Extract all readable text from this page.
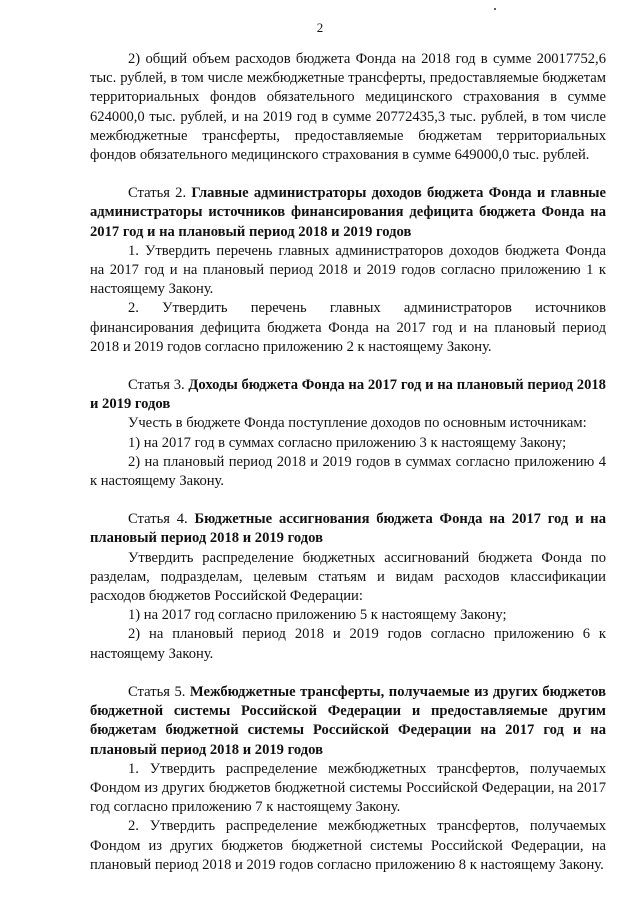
2

2) общий объем расходов бюджета Фонда на 2018 год в сумме 20017752,6 тыс. рублей, в том числе межбюджетные трансферты, предоставляемые бюджетам территориальных фондов обязательного медицинского страхования в сумме 624000,0 тыс. рублей, и на 2019 год в сумме 20772435,3 тыс. рублей, в том числе межбюджетные трансферты, предоставляемые бюджетам территориальных фондов обязательного медицинского страхования в сумме 649000,0 тыс. рублей.

Статья 2. Главные администраторы доходов бюджета Фонда и главные администраторы источников финансирования дефицита бюджета Фонда на 2017 год и на плановый период 2018 и 2019 годов

1. Утвердить перечень главных администраторов доходов бюджета Фонда на 2017 год и на плановый период 2018 и 2019 годов согласно приложению 1 к настоящему Закону.

2. Утвердить перечень главных администраторов источников финансирования дефицита бюджета Фонда на 2017 год и на плановый период 2018 и 2019 годов согласно приложению 2 к настоящему Закону.

Статья 3. Доходы бюджета Фонда на 2017 год и на плановый период 2018 и 2019 годов

Учесть в бюджете Фонда поступление доходов по основным источникам:

1) на 2017 год в суммах согласно приложению 3 к настоящему Закону;

2) на плановый период 2018 и 2019 годов в суммах согласно приложению 4 к настоящему Закону.

Статья 4. Бюджетные ассигнования бюджета Фонда на 2017 год и на плановый период 2018 и 2019 годов

Утвердить распределение бюджетных ассигнований бюджета Фонда по разделам, подразделам, целевым статьям и видам расходов классификации расходов бюджетов Российской Федерации:

1) на 2017 год согласно приложению 5 к настоящему Закону;

2) на плановый период 2018 и 2019 годов согласно приложению 6 к настоящему Закону.

Статья 5. Межбюджетные трансферты, получаемые из других бюджетов бюджетной системы Российской Федерации и предоставляемые другим бюджетам бюджетной системы Российской Федерации на 2017 год и на плановый период 2018 и 2019 годов

1. Утвердить распределение межбюджетных трансфертов, получаемых Фондом из других бюджетов бюджетной системы Российской Федерации, на 2017 год согласно приложению 7 к настоящему Закону.

2. Утвердить распределение межбюджетных трансфертов, получаемых Фондом из других бюджетов бюджетной системы Российской Федерации, на плановый период 2018 и 2019 годов согласно приложению 8 к настоящему Закону.
